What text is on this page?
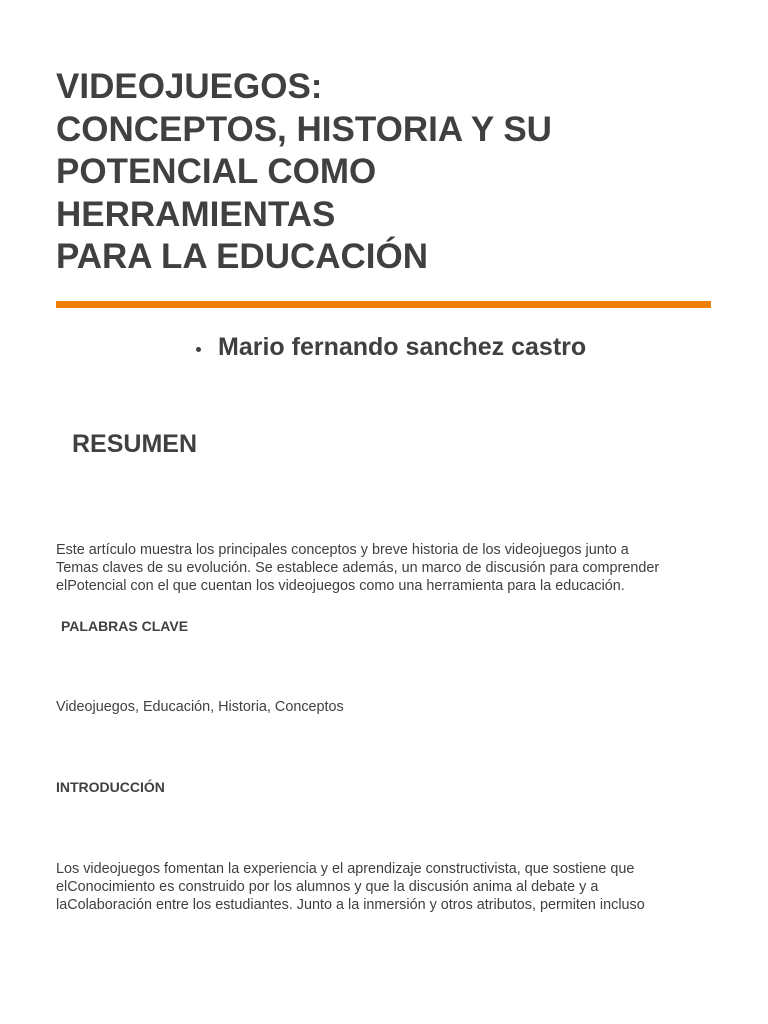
VIDEOJUEGOS:
CONCEPTOS, HISTORIA Y SU
POTENCIAL COMO
HERRAMIENTAS
PARA LA EDUCACIÓN
Mario fernando sanchez castro
RESUMEN

Este artículo muestra los principales conceptos y breve historia de los videojuegos junto a
Temas claves de su evolución. Se establece además, un marco de discusión para comprender
elPotencial con el que cuentan los videojuegos como una herramienta para la educación.

PALABRAS CLAVE

Videojuegos, Educación, Historia, Conceptos

INTRODUCCIÓN

Los videojuegos fomentan la experiencia y el aprendizaje constructivista, que sostiene que
elConocimiento es construido por los alumnos y que la discusión anima al debate y a
laColaboración entre los estudiantes. Junto a la inmersión y otros atributos, permiten incluso
